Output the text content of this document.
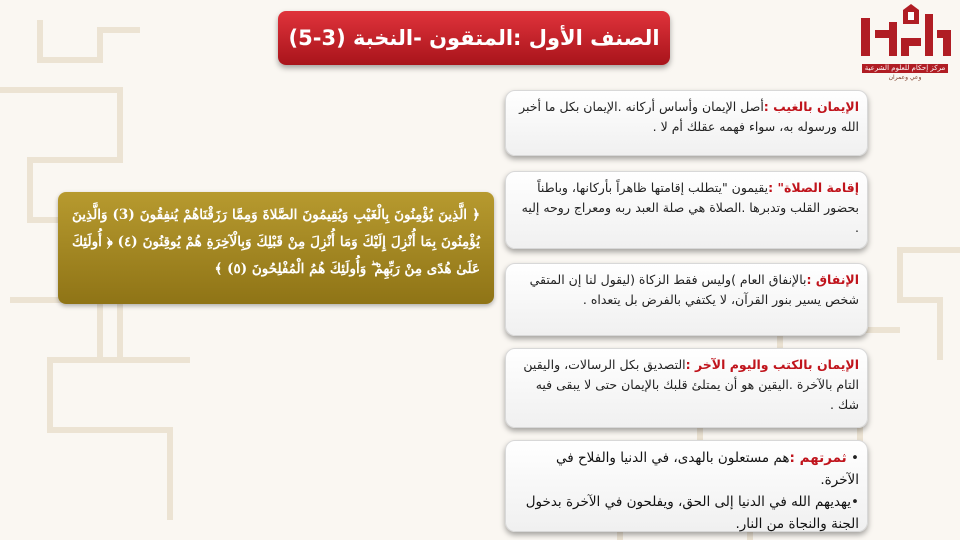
الصنف الأول :المتقون -النخبة (3-5)
مركز إحكام للعلوم الشرعية
وعي وعمران
﴿ الَّذِينَ يُؤْمِنُونَ بِالْغَيْبِ وَيُقِيمُونَ الصَّلاةَ وَمِمَّا رَزَقْنَاهُمْ يُنفِقُونَ (3) وَالَّذِينَ يُؤْمِنُونَ بِمَا أُنْزِلَ إِلَيْكَ وَمَا أُنْزِلَ مِنْ قَبْلِكَ وَبِالْآخِرَةِ هُمْ يُوقِنُونَ (٤) ﴿ أُولَئِكَ عَلَىٰ هُدًى مِنْ رَبِّهِمْ ۖ وَأُولَئِكَ هُمُ الْمُفْلِحُونَ (٥) ﴾
الإيمان بالغيب :أصل الإيمان وأساس أركانه .الإيمان بكل ما أخبر الله ورسوله به، سواء فهمه عقلك أم لا .
إقامة الصلاة" :يقيمون "يتطلب إقامتها ظاهراً بأركانها، وباطناً بحضور القلب وتدبرها .الصلاة هي صلة العبد ربه ومعراج روحه إليه .
الإنفاق :بالإنفاق العام )وليس فقط الزكاة (ليقول لنا إن المتقي شخص يسير بنور القرآن، لا يكتفي بالفرض بل يتعداه .
الإيمان بالكتب واليوم الآخر :التصديق بكل الرسالات، واليقين التام بالآخرة .اليقين هو أن يمتلئ قلبك بالإيمان حتى لا يبقى فيه شك .
• ثمرتهم :هم مستعلون بالهدى، في الدنيا والفلاح في الآخرة.
•يهديهم الله في الدنيا إلى الحق، ويفلحون في الآخرة بدخول الجنة والنجاة من النار.
